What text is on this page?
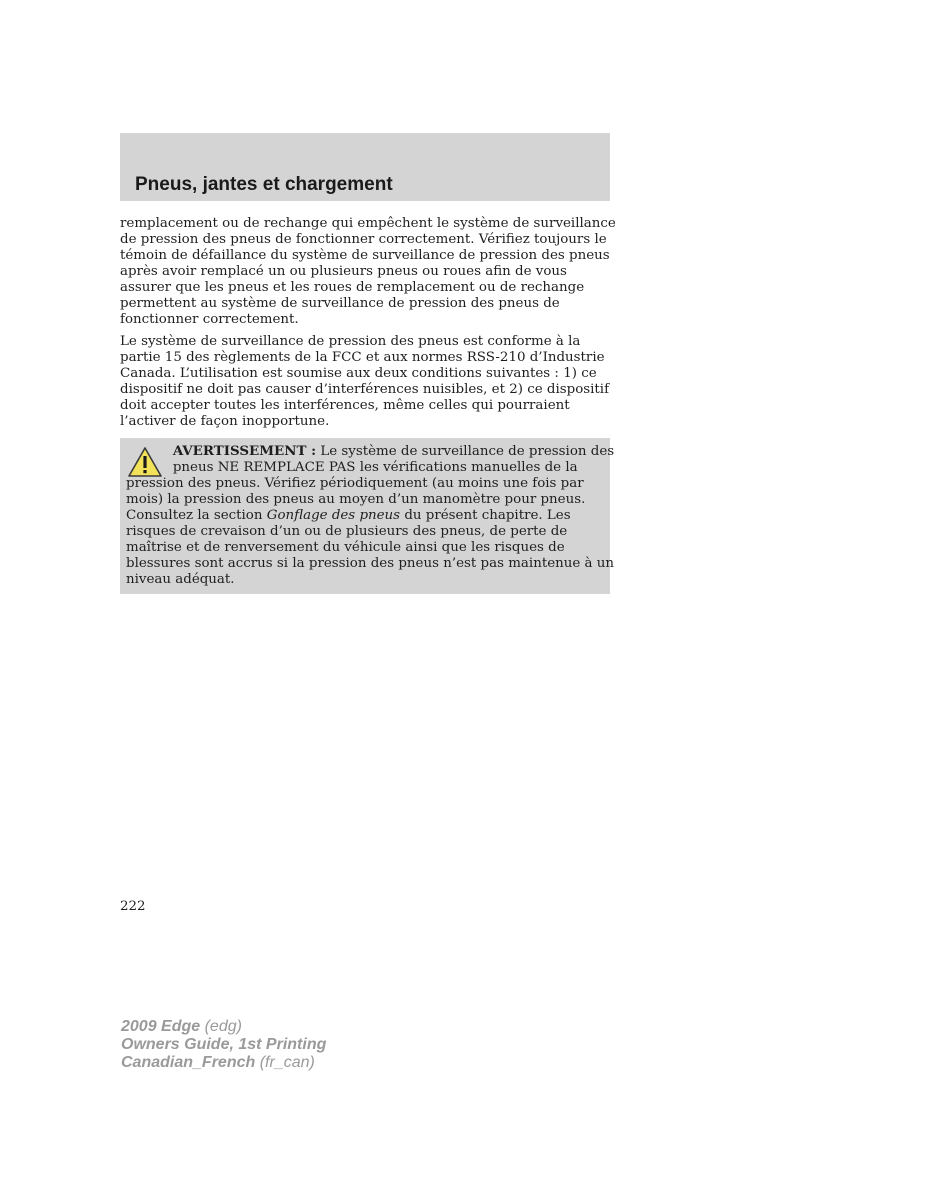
Pneus, jantes et chargement

remplacement ou de rechange qui empêchent le système de surveillance
de pression des pneus de fonctionner correctement. Vérifiez toujours le
témoin de défaillance du système de surveillance de pression des pneus
après avoir remplacé un ou plusieurs pneus ou roues afin de vous
assurer que les pneus et les roues de remplacement ou de rechange
permettent au système de surveillance de pression des pneus de
fonctionner correctement.

Le système de surveillance de pression des pneus est conforme à la
partie 15 des règlements de la FCC et aux normes RSS-210 d’Industrie
Canada. L’utilisation est soumise aux deux conditions suivantes : 1) ce
dispositif ne doit pas causer d’interférences nuisibles, et 2) ce dispositif
doit accepter toutes les interférences, même celles qui pourraient
l’activer de façon inopportune.

AVERTISSEMENT : Le système de surveillance de pression des
pneus NE REMPLACE PAS les vérifications manuelles de la
pression des pneus. Vérifiez périodiquement (au moins une fois par
mois) la pression des pneus au moyen d’un manomètre pour pneus.
Consultez la section Gonflage des pneus du présent chapitre. Les
risques de crevaison d’un ou de plusieurs des pneus, de perte de
maîtrise et de renversement du véhicule ainsi que les risques de
blessures sont accrus si la pression des pneus n’est pas maintenue à un
niveau adéquat.

222

2009 Edge (edg)
Owners Guide, 1st Printing
Canadian_French (fr_can)
